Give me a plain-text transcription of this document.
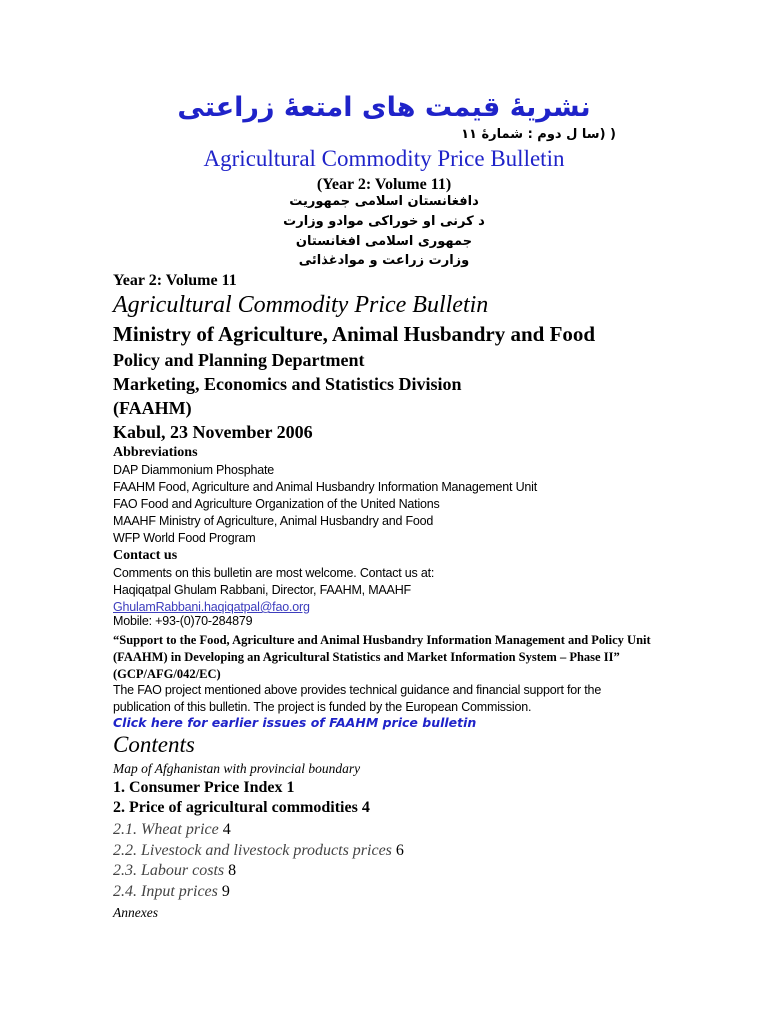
نشريهٔ قيمت های امتعهٔ زراعتی
( (سا ل دوم : شمارهٔ ۱۱
Agricultural Commodity Price Bulletin
(Year 2: Volume 11)
دافغانستان اسلامی جمهوریت
د کرنی او خوراکی موادو وزارت
جمهوری اسلامی افغانستان
وزارت زراعت و موادغذائی
Year 2: Volume 11
Agricultural Commodity Price Bulletin
Ministry of Agriculture, Animal Husbandry and Food
Policy and Planning Department
Marketing, Economics and Statistics Division
(FAAHM)
Kabul, 23 November 2006
Abbreviations
DAP Diammonium Phosphate
FAAHM Food, Agriculture and Animal Husbandry Information Management Unit
FAO Food and Agriculture Organization of the United Nations
MAAHF Ministry of Agriculture, Animal Husbandry and Food
WFP World Food Program
Contact us
Comments on this bulletin are most welcome. Contact us at:
Haqiqatpal Ghulam Rabbani, Director, FAAHM, MAAHF
GhulamRabbani.haqiqatpal@fao.org
Mobile: +93-(0)70-284879
“Support to the Food, Agriculture and Animal Husbandry Information Management and Policy Unit (FAAHM) in Developing an Agricultural Statistics and Market Information System – Phase II” (GCP/AFG/042/EC)
The FAO project mentioned above provides technical guidance and financial support for the publication of this bulletin. The project is funded by the European Commission.
Click here for earlier issues of FAAHM price bulletin
Contents
Map of Afghanistan with provincial boundary
1. Consumer Price Index 1
2. Price of agricultural commodities 4
2.1. Wheat price 4
2.2. Livestock and livestock products prices 6
2.3. Labour costs 8
2.4. Input prices 9
Annexes
